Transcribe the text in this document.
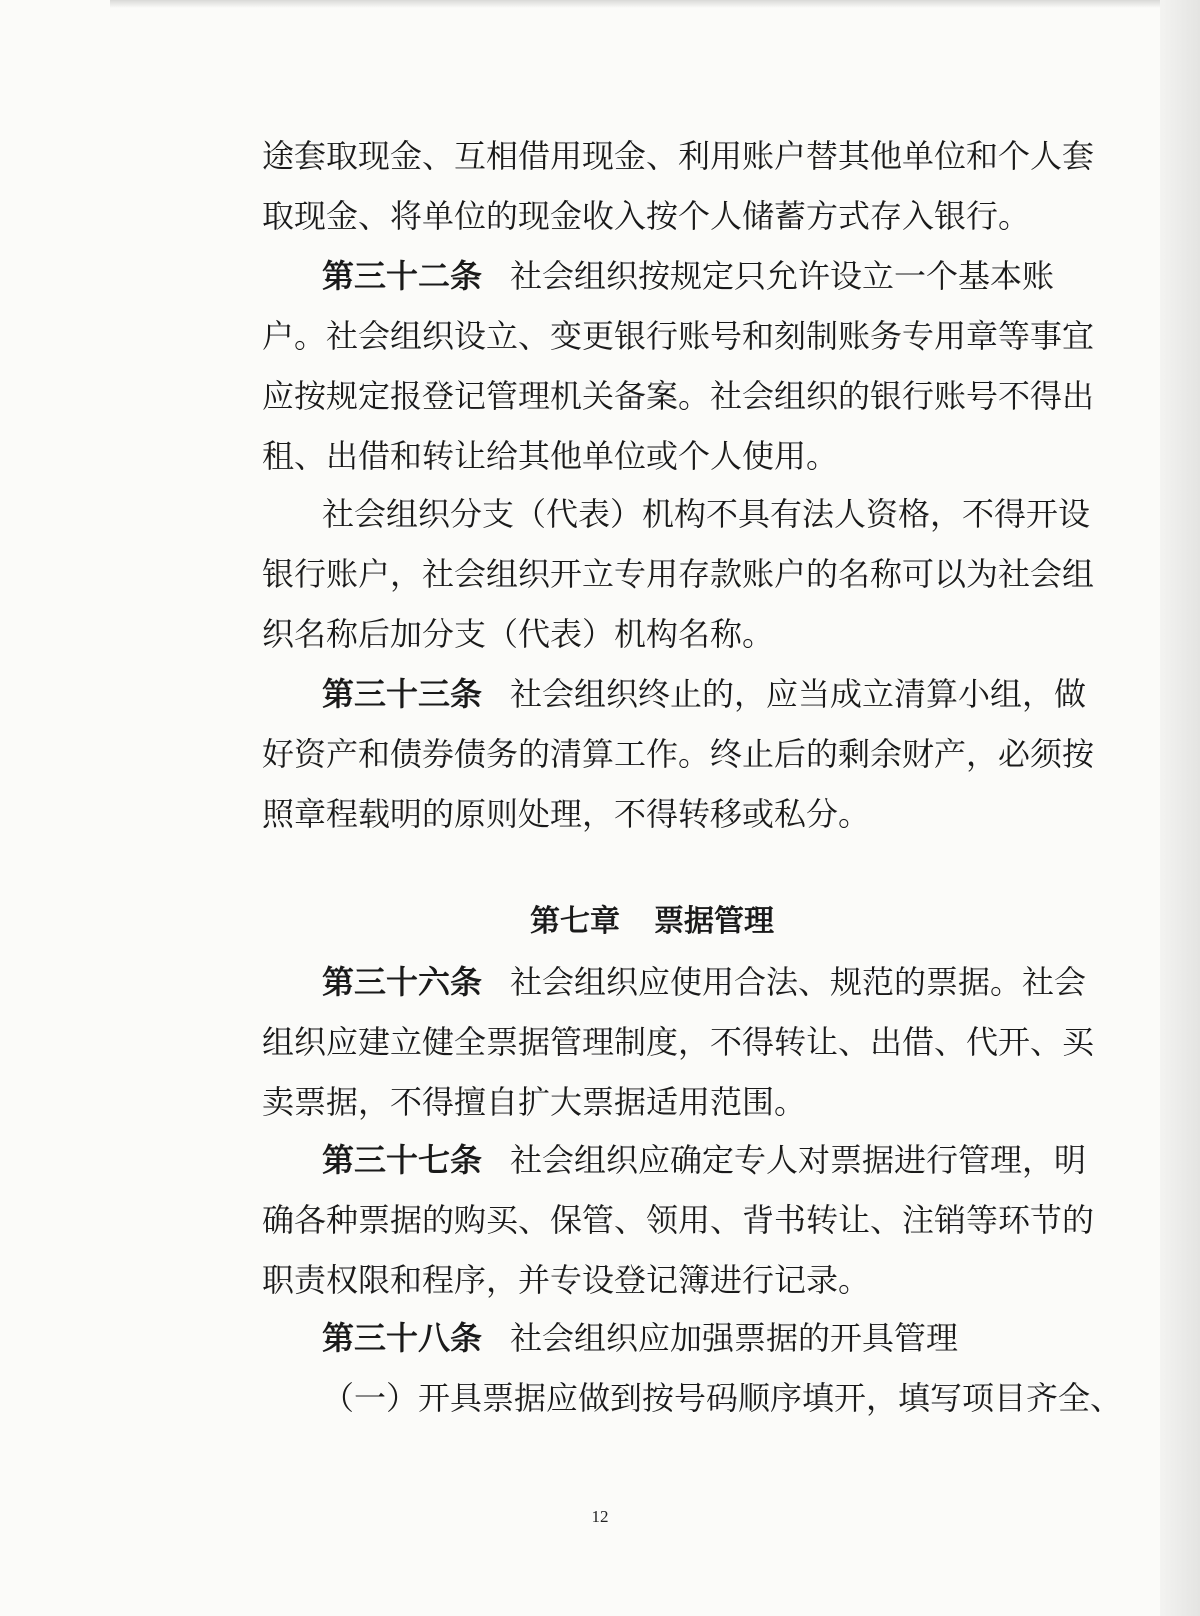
途套取现金、互相借用现金、利用账户替其他单位和个人套
取现金、将单位的现金收入按个人储蓄方式存入银行。
第三十二条 社会组织按规定只允许设立一个基本账
户。社会组织设立、变更银行账号和刻制账务专用章等事宜
应按规定报登记管理机关备案。社会组织的银行账号不得出
租、出借和转让给其他单位或个人使用。
社会组织分支（代表）机构不具有法人资格，不得开设
银行账户，社会组织开立专用存款账户的名称可以为社会组
织名称后加分支（代表）机构名称。
第三十三条 社会组织终止的，应当成立清算小组，做
好资产和债券债务的清算工作。终止后的剩余财产，必须按
照章程载明的原则处理，不得转移或私分。
第七章 票据管理
第三十六条 社会组织应使用合法、规范的票据。社会
组织应建立健全票据管理制度，不得转让、出借、代开、买
卖票据，不得擅自扩大票据适用范围。
第三十七条 社会组织应确定专人对票据进行管理，明
确各种票据的购买、保管、领用、背书转让、注销等环节的
职责权限和程序，并专设登记簿进行记录。
第三十八条 社会组织应加强票据的开具管理
（一）开具票据应做到按号码顺序填开，填写项目齐全、
12
